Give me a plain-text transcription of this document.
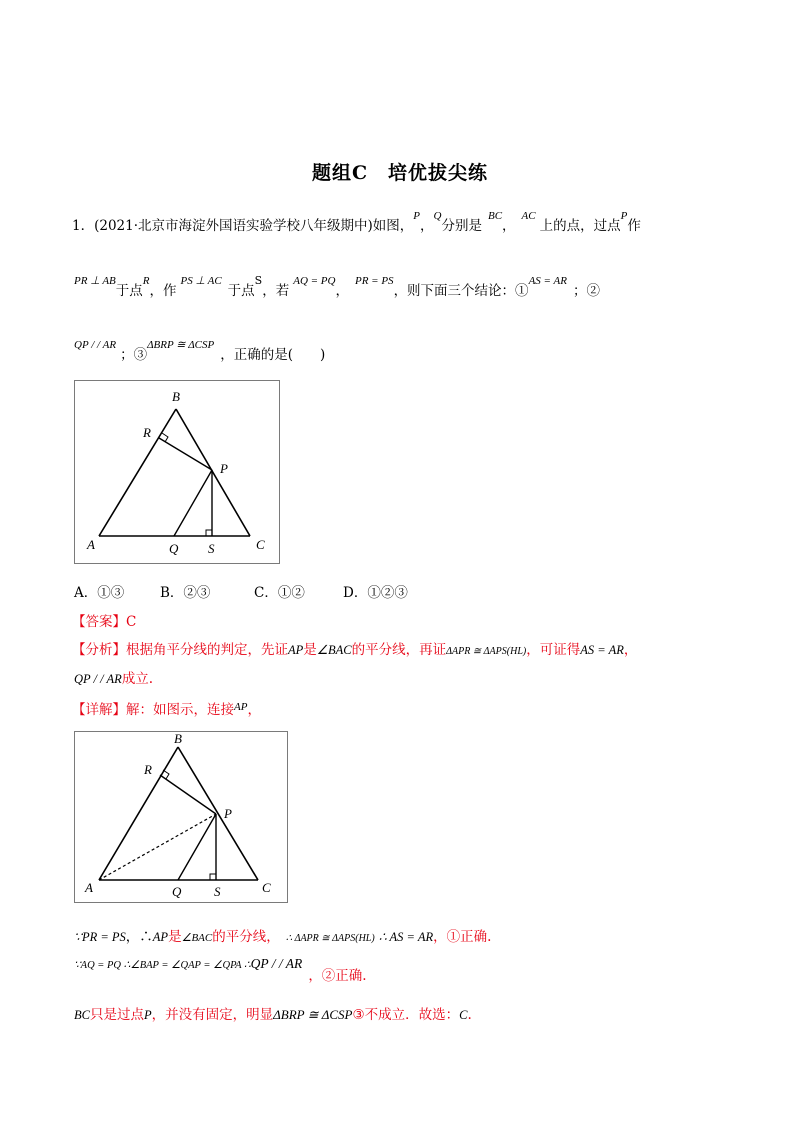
题组C　培优拔尖练
1．(2021·北京市海淀外国语实验学校八年级期中)如图，$^P$，$^Q$分别是$^{BC}$，$^{AC}$上的点，过点$^P$作
$^{PR \perp AB}$于点$^R$，作$^{PS \perp AC}$于点$^S$，若$^{AQ = PQ}$，$^{PR = PS}$，则下面三个结论：①$^{AS = AR}$；②
$^{QP / / AR}$；③$^{\Delta BRP ≅ \Delta CSP}$，正确的是(　　)
A
B
C
R
P
Q S
A．①③	B．②③	C．①②	D．①②③
【答案】C
【分析】根据角平分线的判定，先证AP是∠BAC的平分线，再证ΔAPR ≅ ΔAPS(HL)，可证得AS = AR，
QP / / AR成立.
【详解】解：如图示，连接$^{AP}$，
A
B
C
R
P
Q	S
∵PR = PS，∴AP是∠BAC的平分线， ∴ ΔAPR ≅ ΔAPS(HL) ∴ AS = AR，①正确.
∵AQ = PQ ∴∠BAP = ∠QAP = ∠QPA ∴QP / / AR，②正确.
BC只是过点P，并没有固定，明显ΔBRP ≅ ΔCSP③不成立．故选：C.
